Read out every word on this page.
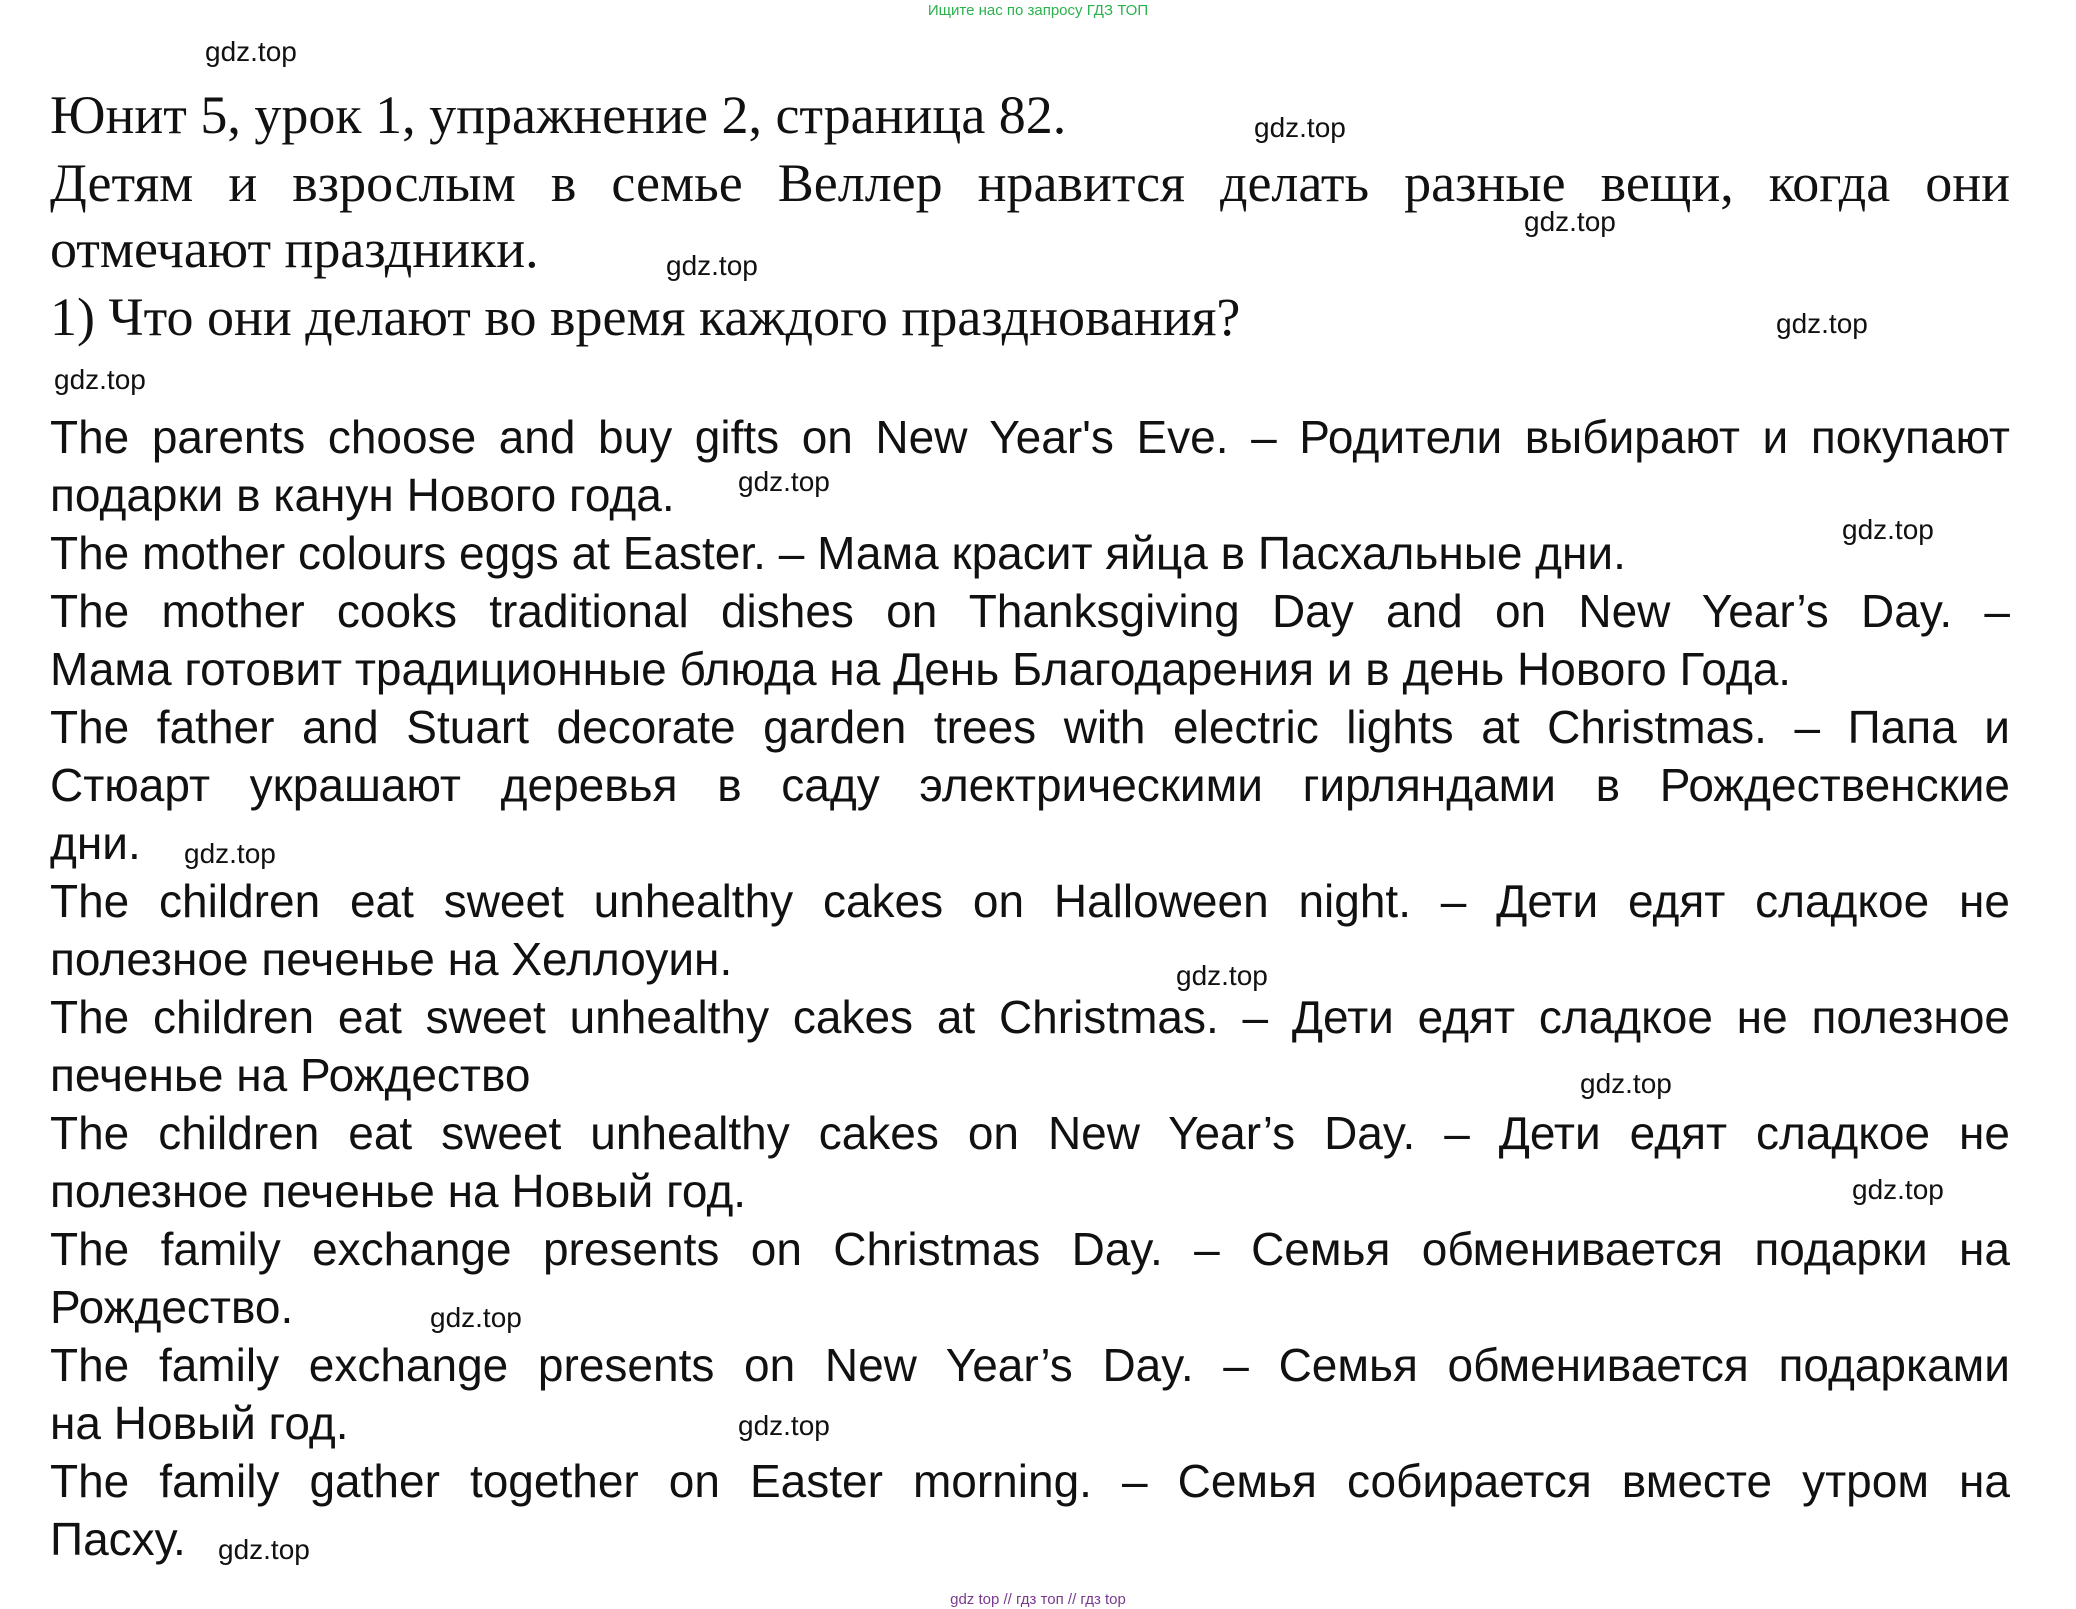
Ищите нас по запросу ГДЗ ТОП
Юнит 5, урок 1, упражнение 2, страница 82.
Детям и взрослым в семье Веллер нравится делать разные вещи, когда они
отмечают праздники.
1) Что они делают во время каждого празднования?
The parents choose and buy gifts on New Year's Eve. – Родители выбирают и покупают
подарки в канун Нового года.
The mother colours eggs at Easter. – Мама красит яйца в Пасхальные дни.
The mother cooks traditional dishes on Thanksgiving Day and on New Year’s Day. –
Мама готовит традиционные блюда на День Благодарения и в день Нового Года.
The father and Stuart decorate garden trees with electric lights at Christmas. – Папа и
Стюарт украшают деревья в саду электрическими гирляндами в Рождественские
дни.
The children eat sweet unhealthy cakes on Halloween night. – Дети едят сладкое не
полезное печенье на Хеллоуин.
The children eat sweet unhealthy cakes at Christmas. – Дети едят сладкое не полезное
печенье на Рождество
The children eat sweet unhealthy cakes on New Year’s Day. – Дети едят сладкое не
полезное печенье на Новый год.
The family exchange presents on Christmas Day. – Семья обменивается подарки на
Рождество.
The family exchange presents on New Year’s Day. – Семья обменивается подарками
на Новый год.
The family gather together on Easter morning. – Семья собирается вместе утром на
Пасху.
gdz.top
gdz.top
gdz.top
gdz.top
gdz.top
gdz.top
gdz.top
gdz.top
gdz.top
gdz.top
gdz.top
gdz.top
gdz.top
gdz.top
gdz.top
gdz top // гдз топ // гдз top
